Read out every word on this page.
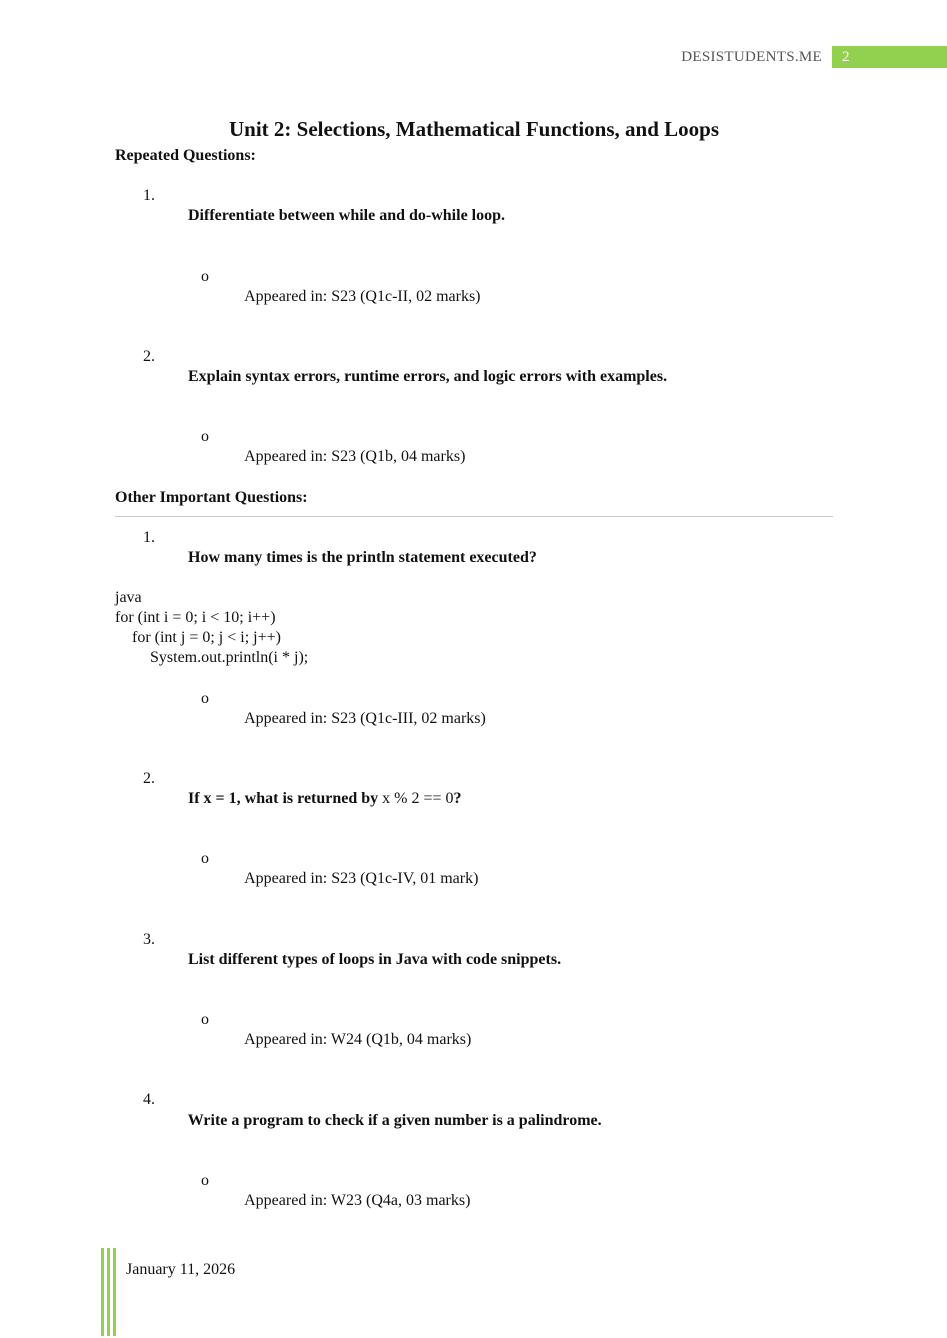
DESISTUDENTS.ME	2
Unit 2: Selections, Mathematical Functions, and Loops
Repeated Questions:

1.

Differentiate between while and do-while loop.

o

Appeared in: S23 (Q1c-II, 02 marks)

2.

Explain syntax errors, runtime errors, and logic errors with examples.

o

Appeared in: S23 (Q1b, 04 marks)

Other Important Questions:

1.

How many times is the println statement executed?

java
for (int i = 0; i < 10; i++)
for (int j = 0; j < i; j++)
System.out.println(i * j);

o

Appeared in: S23 (Q1c-III, 02 marks)

2.

If x = 1, what is returned by x % 2 == 0?

o

Appeared in: S23 (Q1c-IV, 01 mark)

3.

List different types of loops in Java with code snippets.

o

Appeared in: W24 (Q1b, 04 marks)

4.

Write a program to check if a given number is a palindrome.

o

Appeared in: W23 (Q4a, 03 marks)

January 11, 2026
